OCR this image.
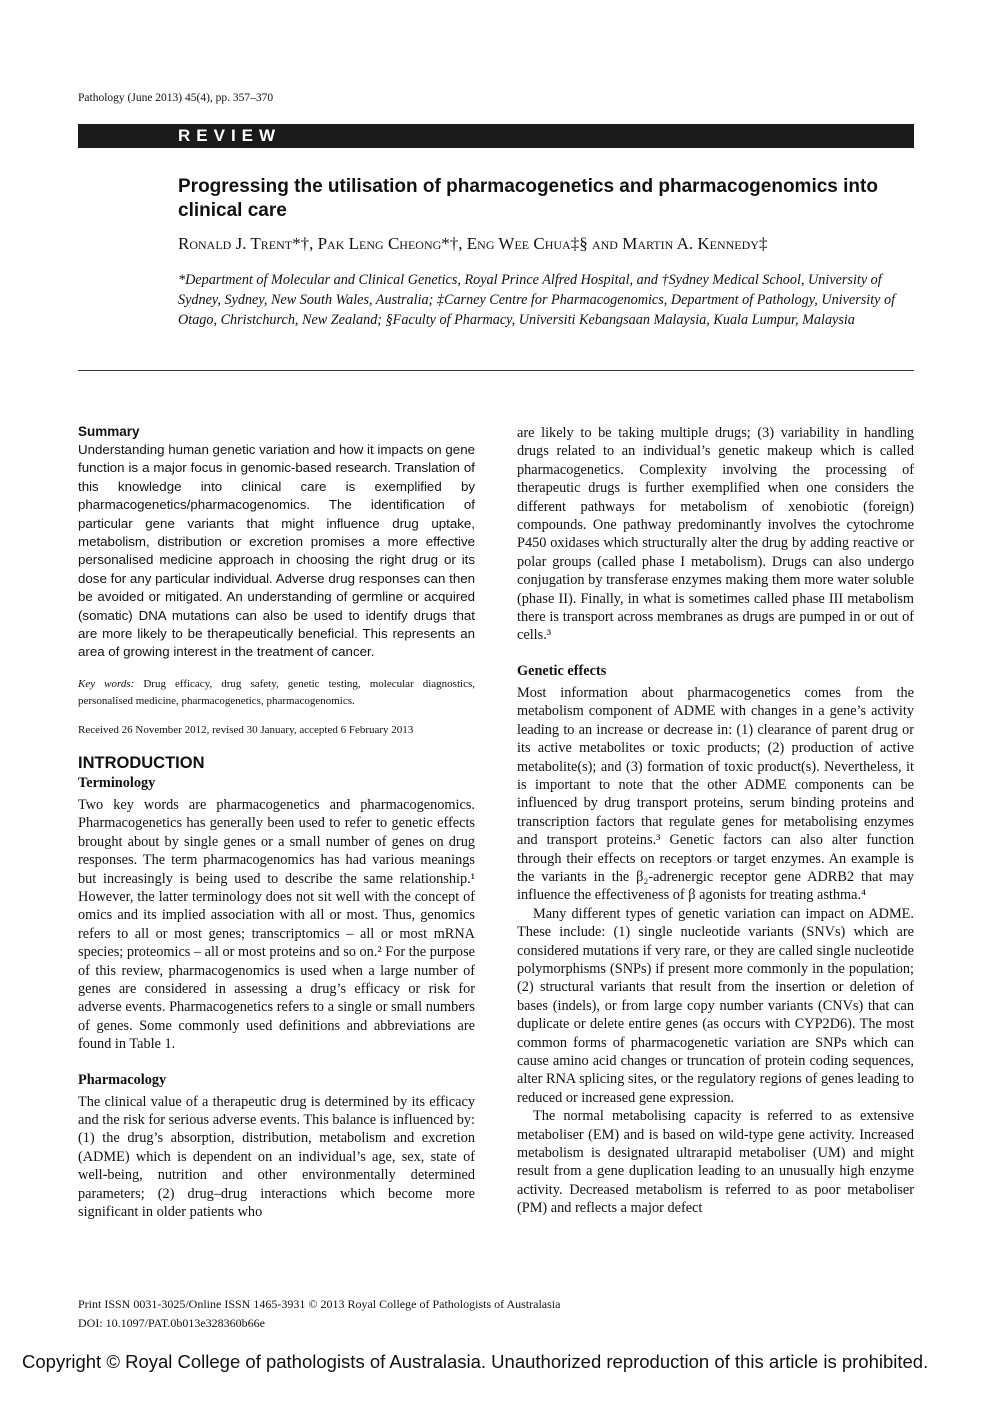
Pathology (June 2013) 45(4), pp. 357–370
REVIEW
Progressing the utilisation of pharmacogenetics and pharmacogenomics into clinical care
Ronald J. Trent*†, Pak Leng Cheong*†, Eng Wee Chua‡§ and Martin A. Kennedy‡
*Department of Molecular and Clinical Genetics, Royal Prince Alfred Hospital, and †Sydney Medical School, University of Sydney, Sydney, New South Wales, Australia; ‡Carney Centre for Pharmacogenomics, Department of Pathology, University of Otago, Christchurch, New Zealand; §Faculty of Pharmacy, Universiti Kebangsaan Malaysia, Kuala Lumpur, Malaysia

Summary

Understanding human genetic variation and how it impacts on gene function is a major focus in genomic-based research. Translation of this knowledge into clinical care is exemplified by pharmacogenetics/pharmacogenomics. The identification of particular gene variants that might influence drug uptake, metabolism, distribution or excretion promises a more effective personalised medicine approach in choosing the right drug or its dose for any particular individual. Adverse drug responses can then be avoided or mitigated. An understanding of germline or acquired (somatic) DNA mutations can also be used to identify drugs that are more likely to be therapeutically beneficial. This represents an area of growing interest in the treatment of cancer.

Key words: Drug efficacy, drug safety, genetic testing, molecular diagnostics, personalised medicine, pharmacogenetics, pharmacogenomics.

Received 26 November 2012, revised 30 January, accepted 6 February 2013

INTRODUCTION

Terminology

Two key words are pharmacogenetics and pharmacogenomics. Pharmacogenetics has generally been used to refer to genetic effects brought about by single genes or a small number of genes on drug responses. The term pharmacogenomics has had various meanings but increasingly is being used to describe the same relationship.¹ However, the latter terminology does not sit well with the concept of omics and its implied association with all or most. Thus, genomics refers to all or most genes; transcriptomics – all or most mRNA species; proteomics – all or most proteins and so on.² For the purpose of this review, pharmacogenomics is used when a large number of genes are considered in assessing a drug’s efficacy or risk for adverse events. Pharmacogenetics refers to a single or small numbers of genes. Some commonly used definitions and abbreviations are found in Table 1.

Pharmacology

The clinical value of a therapeutic drug is determined by its efficacy and the risk for serious adverse events. This balance is influenced by: (1) the drug’s absorption, distribution, metabolism and excretion (ADME) which is dependent on an individual’s age, sex, state of well-being, nutrition and other environmentally determined parameters; (2) drug–drug interactions which become more significant in older patients who

are likely to be taking multiple drugs; (3) variability in handling drugs related to an individual’s genetic makeup which is called pharmacogenetics. Complexity involving the processing of therapeutic drugs is further exemplified when one considers the different pathways for metabolism of xenobiotic (foreign) compounds. One pathway predominantly involves the cytochrome P450 oxidases which structurally alter the drug by adding reactive or polar groups (called phase I metabolism). Drugs can also undergo conjugation by transferase enzymes making them more water soluble (phase II). Finally, in what is sometimes called phase III metabolism there is transport across membranes as drugs are pumped in or out of cells.³

Genetic effects

Most information about pharmacogenetics comes from the metabolism component of ADME with changes in a gene’s activity leading to an increase or decrease in: (1) clearance of parent drug or its active metabolites or toxic products; (2) production of active metabolite(s); and (3) formation of toxic product(s). Nevertheless, it is important to note that the other ADME components can be influenced by drug transport proteins, serum binding proteins and transcription factors that regulate genes for metabolising enzymes and transport proteins.³ Genetic factors can also alter function through their effects on receptors or target enzymes. An example is the variants in the β₂-adrenergic receptor gene ADRB2 that may influence the effectiveness of β agonists for treating asthma.⁴

Many different types of genetic variation can impact on ADME. These include: (1) single nucleotide variants (SNVs) which are considered mutations if very rare, or they are called single nucleotide polymorphisms (SNPs) if present more commonly in the population; (2) structural variants that result from the insertion or deletion of bases (indels), or from large copy number variants (CNVs) that can duplicate or delete entire genes (as occurs with CYP2D6). The most common forms of pharmacogenetic variation are SNPs which can cause amino acid changes or truncation of protein coding sequences, alter RNA splicing sites, or the regulatory regions of genes leading to reduced or increased gene expression.

The normal metabolising capacity is referred to as extensive metaboliser (EM) and is based on wild-type gene activity. Increased metabolism is designated ultrarapid metaboliser (UM) and might result from a gene duplication leading to an unusually high enzyme activity. Decreased metabolism is referred to as poor metaboliser (PM) and reflects a major defect

Print ISSN 0031-3025/Online ISSN 1465-3931 © 2013 Royal College of Pathologists of Australasia
DOI: 10.1097/PAT.0b013e328360b66e
Copyright © Royal College of pathologists of Australasia. Unauthorized reproduction of this article is prohibited.
